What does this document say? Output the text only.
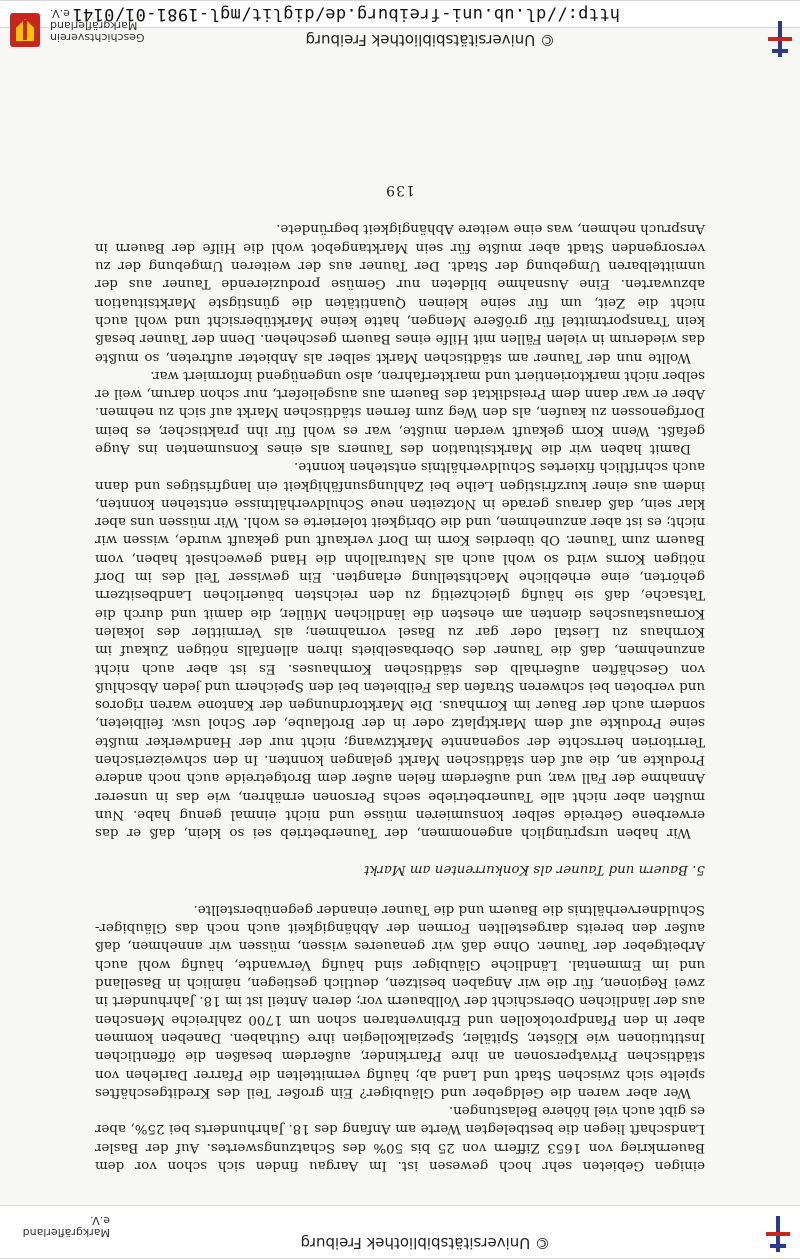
© Universitätsbibliothek Freiburg
Markgräflerland e.V.

einigen Gebieten sehr hoch gewesen ist. Im Aargau finden sich schon vor dem Bauernkrieg von 1653 Ziffern von 25 bis 50% des Schatzungswertes. Auf der Basler Landschaft liegen die bestbelegten Werte am Anfang des 18. Jahrhunderts bei 25%, aber es gibt auch viel höhere Belastungen.

Wer aber waren die Geldgeber und Gläubiger? Ein großer Teil des Kreditgeschäftes spielte sich zwischen Stadt und Land ab; häufig vermittelten die Pfarrer Darlehen von städtischen Privatpersonen an ihre Pfarrkinder, außerdem besaßen die öffentlichen Institutionen wie Klöster, Spitäler, Spezialkollegien ihre Guthaben. Daneben kommen aber in den Pfandprotokollen und Erbinventaren schon um 1700 zahlreiche Menschen aus der ländlichen Oberschicht der Vollbauern vor; deren Anteil ist im 18. Jahrhundert in zwei Regionen, für die wir Angaben besitzen, deutlich gestiegen, nämlich in Baselland und im Emmental. Ländliche Gläubiger sind häufig Verwandte, häufig wohl auch Arbeitgeber der Tauner. Ohne daß wir genaueres wissen, müssen wir annehmen, daß außer den bereits dargestellten Formen der Abhängigkeit auch noch das Gläubiger-Schuldnerverhältnis die Bauern und die Tauner einander gegenüberstellte.

5. Bauern und Tauner als Konkurrenten am Markt

Wir haben ursprünglich angenommen, der Taunerbetrieb sei so klein, daß er das erwerbene Getreide selber konsumieren müsse und nicht einmal genug habe. Nun mußten aber nicht alle Taunerbetriebe sechs Personen ernähren, wie das in unserer Annahme der Fall war, und außerdem fielen außer dem Brotgetreide auch noch andere Produkte an, die auf den städtischen Markt gelangen konnten. In den schweizerischen Territorien herrschte der sogenannte Marktzwang; nicht nur der Handwerker mußte seine Produkte auf dem Marktplatz oder in der Brotlaube, der Schol usw. feilbieten, sondern auch der Bauer im Kornhaus. Die Marktordnungen der Kantone waren rigoros und verboten bei schweren Strafen das Feilbieten bei den Speichern und jeden Abschluß von Geschäften außerhalb des städtischen Kornhauses. Es ist aber auch nicht anzunehmen, daß die Tauner des Oberbaselbiets ihren allenfalls nötigen Zukauf im Kornhaus zu Liestal oder gar zu Basel vornahmen; als Vermittler des lokalen Kornaustausches dienten am ehesten die ländlichen Müller, die damit und durch die Tatsache, daß sie häufig gleichzeitig zu den reichsten bäuerlichen Landbesitzern gehörten, eine erhebliche Machtstellung erlangten. Ein gewisser Teil des im Dorf nötigen Korns wird so wohl auch als Naturallohn die Hand gewechselt haben, vom Bauern zum Tauner. Ob überdies Korn im Dorf verkauft und gekauft wurde, wissen wir nicht; es ist aber anzunehmen, und die Obrigkeit tolerierte es wohl. Wir müssen uns aber klar sein, daß daraus gerade in Notzeiten neue Schuldverhältnisse entstehen konnten, indem aus einer kurzfristigen Leihe bei Zahlungsunfähigkeit ein langfristiges und dann auch schriftlich fixiertes Schuldverhältnis entstehen konnte.

Damit haben wir die Marktsituation des Tauners als eines Konsumenten ins Auge gefaßt. Wenn Korn gekauft werden mußte, war es wohl für ihn praktischer, es beim Dorfgenossen zu kaufen, als den Weg zum fernen städtischen Markt auf sich zu nehmen. Aber er war dann dem Preisdiktat des Bauern aus ausgeliefert, nur schon darum, weil er selber nicht marktorientiert und markterfahren, also ungenügend informiert war.

Wollte nun der Tauner am städtischen Markt selber als Anbieter auftreten, so mußte das wiederum in vielen Fällen mit Hilfe eines Bauern geschehen. Denn der Tauner besaß kein Transportmittel für größere Mengen, hatte keine Marktübersicht und wohl auch nicht die Zeit, um für seine kleinen Quantitäten die günstigste Marktsituation abzuwarten. Eine Ausnahme bildeten nur Gemüse produzierende Tauner aus der unmittelbaren Umgebung der Stadt. Der Tauner aus der weiteren Umgebung der zu versorgenden Stadt aber mußte für sein Marktangebot wohl die Hilfe der Bauern in Anspruch nehmen, was eine weitere Abhängigkeit begründete.

139

http://dl.ub.uni-freiburg.de/diglit/mgl-1981-01/0141
© Universitätsbibliothek Freiburg
Geschichtsverein
Markgräflerland e.V.
